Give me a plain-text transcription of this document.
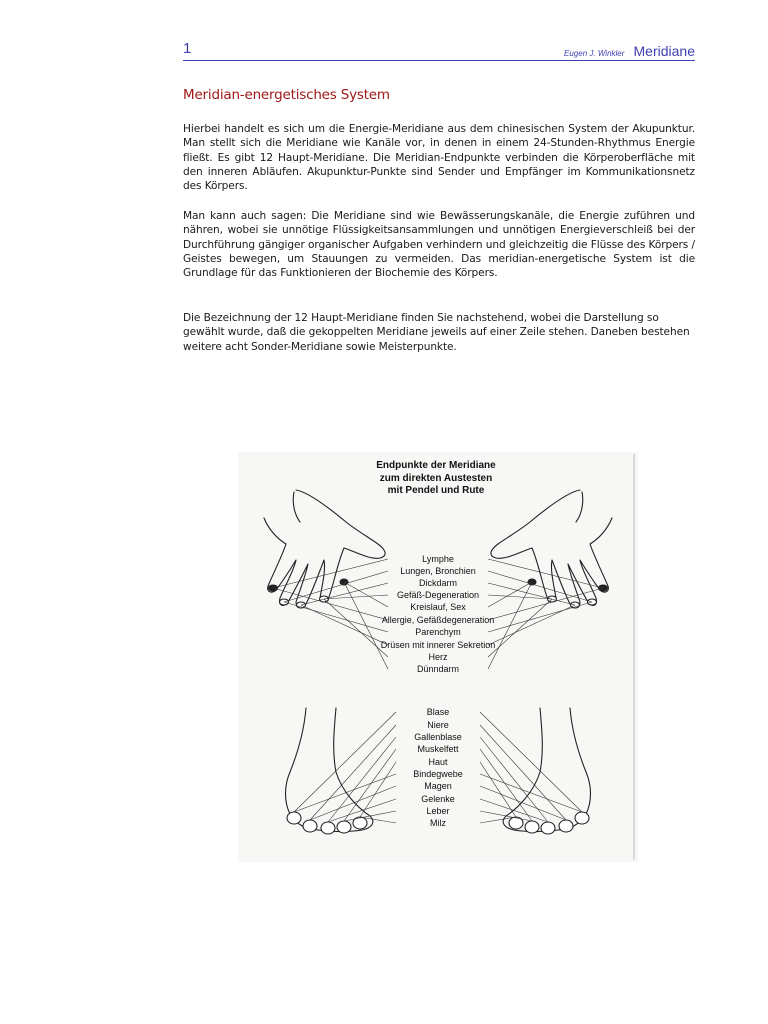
1	Eugen J. Winkler Meridiane
Meridian-energetisches System
Hierbei handelt es sich um die Energie-Meridiane aus dem chinesischen System der Akupunktur. Man stellt sich die Meridiane wie Kanäle vor, in denen in einem 24-Stunden-Rhythmus Energie fließt. Es gibt 12 Haupt-Meridiane. Die Meridian-Endpunkte verbinden die Körperoberfläche mit den inneren Abläufen. Akupunktur-Punkte sind Sender und Empfänger im Kommunikationsnetz des Körpers.
Man kann auch sagen: Die Meridiane sind wie Bewässerungskanäle, die Energie zuführen und nähren, wobei sie unnötige Flüssigkeitsansammlungen und unnötigen Energieverschleiß bei der Durchführung gängiger organischer Aufgaben verhindern und gleichzeitig die Flüsse des Körpers / Geistes bewegen, um Stauungen zu vermeiden. Das meridian-energetische System ist die Grundlage für das Funktionieren der Biochemie des Körpers.
Die Bezeichnung der 12 Haupt-Meridiane finden Sie nachstehend, wobei die Darstellung so gewählt wurde, daß die gekoppelten Meridiane jeweils auf einer Zeile stehen. Daneben bestehen weitere acht Sonder-Meridiane sowie Meisterpunkte.
Endpunkte der Meridiane
zum direkten Austesten
mit Pendel und Rute
Lymphe
Lungen, Bronchien
Dickdarm
Gefäß-Degeneration
Kreislauf, Sex
Allergie, Gefäßdegeneration
Parenchym
Drüsen mit innerer Sekretion
Herz
Dünndarm
Blase
Niere
Gallenblase
Muskelfett
Haut
Bindegwebe
Magen
Gelenke
Leber
Milz
